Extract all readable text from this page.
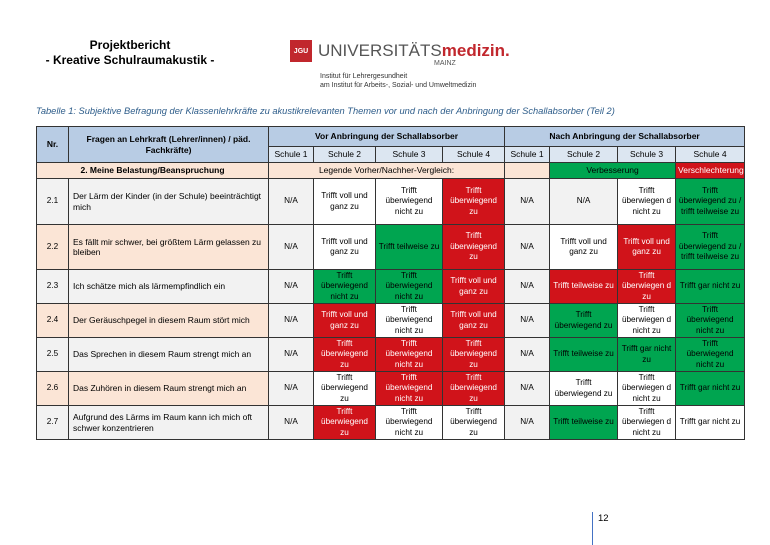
Projektbericht
- Kreative Schulraumakustik -
JGU UNIVERSITÄTSmedizin.
MAINZ
Institut für Lehrergesundheit
am Institut für Arbeits-, Sozial- und Umweltmedizin
Tabelle 1: Subjektive Befragung der Klassenlehrkräfte zu akustikrelevanten Themen vor und nach der Anbringung der Schallabsorber (Teil 2)
Nr.	Fragen an Lehrkraft (Lehrer/innen) / päd. Fachkräfte)	Vor Anbringung der Schallabsorber				Nach Anbringung der Schallabsorber			
		Schule 1	Schule 2	Schule 3	Schule 4	Schule 1	Schule 2	Schule 3	Schule 4
2. Meine Belastung/Beanspruchung		Legende Vorher/Nachher-Vergleich:					Verbesserung		Verschlechterung
2.1	Der Lärm der Kinder (in der Schule) beeinträchtigt mich	N/A	Trifft voll und ganz zu	Trifft überwiegend nicht zu	Trifft überwiegend zu	N/A	N/A	Trifft überwiegen d nicht zu	Trifft überwiegend zu / trifft teilweise zu
2.2	Es fällt mir schwer, bei größtem Lärm gelassen zu bleiben	N/A	Trifft voll und ganz zu	Trifft teilweise zu	Trifft überwiegend zu	N/A	Trifft voll und ganz zu	Trifft voll und ganz zu	Trifft überwiegend zu / trifft teilweise zu
2.3	Ich schätze mich als lärmempfindlich ein	N/A	Trifft überwiegend nicht zu	Trifft überwiegend nicht zu	Trifft voll und ganz zu	N/A	Trifft teilweise zu	Trifft überwiegen d zu	Trifft gar nicht zu
2.4	Der Geräuschpegel in diesem Raum stört mich	N/A	Trifft voll und ganz zu	Trifft überwiegend nicht zu	Trifft voll und ganz zu	N/A	Trifft überwiegend zu	Trifft überwiegen d nicht zu	Trifft überwiegend nicht zu
2.5	Das Sprechen in diesem Raum strengt mich an	N/A	Trifft überwiegend zu	Trifft überwiegend nicht zu	Trifft überwiegend zu	N/A	Trifft teilweise zu	Trifft gar nicht zu	Trifft überwiegend nicht zu
2.6	Das Zuhören in diesem Raum strengt mich an	N/A	Trifft überwiegend zu	Trifft überwiegend nicht zu	Trifft überwiegend zu	N/A	Trifft überwiegend zu	Trifft überwiegen d nicht zu	Trifft gar nicht zu
2.7	Aufgrund des Lärms im Raum kann ich mich oft schwer konzentrieren	N/A	Trifft überwiegend zu	Trifft überwiegend nicht zu	Trifft überwiegend zu	N/A	Trifft teilweise zu	Trifft überwiegen d nicht zu	Trifft gar nicht zu
12
